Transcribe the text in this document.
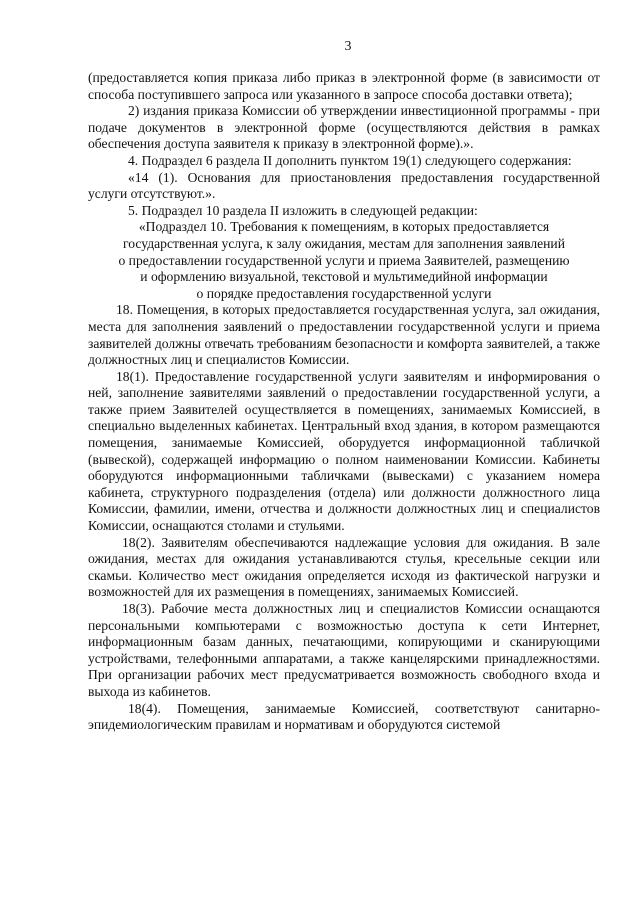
3

(предоставляется копия приказа либо приказ в электронной форме (в зависимости от способа поступившего запроса или указанного в запросе способа доставки ответа);

2) издания приказа Комиссии об утверждении инвестиционной программы - при подаче документов в электронной форме (осуществляются действия в рамках обеспечения доступа заявителя к приказу в электронной форме).».

4. Подраздел 6 раздела II дополнить пунктом 19(1) следующего содержания:

«14 (1). Основания для приостановления предоставления государственной услуги отсутствуют.».

5. Подраздел 10 раздела II изложить в следующей редакции:

«Подраздел 10. Требования к помещениям, в которых предоставляется

государственная услуга, к залу ожидания, местам для заполнения заявлений

о предоставлении государственной услуги и приема Заявителей, размещению

и оформлению визуальной, текстовой и мультимедийной информации

о порядке предоставления государственной услуги

18. Помещения, в которых предоставляется государственная услуга, зал ожидания, места для заполнения заявлений о предоставлении государственной услуги и приема заявителей должны отвечать требованиям безопасности и комфорта заявителей, а также должностных лиц и специалистов Комиссии.

18(1). Предоставление государственной услуги заявителям и информирования о ней, заполнение заявителями заявлений о предоставлении государственной услуги, а также прием Заявителей осуществляется в помещениях, занимаемых Комиссией, в специально выделенных кабинетах. Центральный вход здания, в котором размещаются помещения, занимаемые Комиссией, оборудуется информационной табличкой (вывеской), содержащей информацию о полном наименовании Комиссии. Кабинеты оборудуются информационными табличками (вывесками) с указанием номера кабинета, структурного подразделения (отдела) или должности должностного лица Комиссии, фамилии, имени, отчества и должности должностных лиц и специалистов Комиссии, оснащаются столами и стульями.

18(2). Заявителям обеспечиваются надлежащие условия для ожидания. В зале ожидания, местах для ожидания устанавливаются стулья, кресельные секции или скамьи. Количество мест ожидания определяется исходя из фактической нагрузки и возможностей для их размещения в помещениях, занимаемых Комиссией.

18(3). Рабочие места должностных лиц и специалистов Комиссии оснащаются персональными компьютерами с возможностью доступа к сети Интернет, информационным базам данных, печатающими, копирующими и сканирующими устройствами, телефонными аппаратами, а также канцелярскими принадлежностями. При организации рабочих мест предусматривается возможность свободного входа и выхода из кабинетов.

18(4). Помещения, занимаемые Комиссией, соответствуют санитарно-эпидемиологическим правилам и нормативам и оборудуются системой
